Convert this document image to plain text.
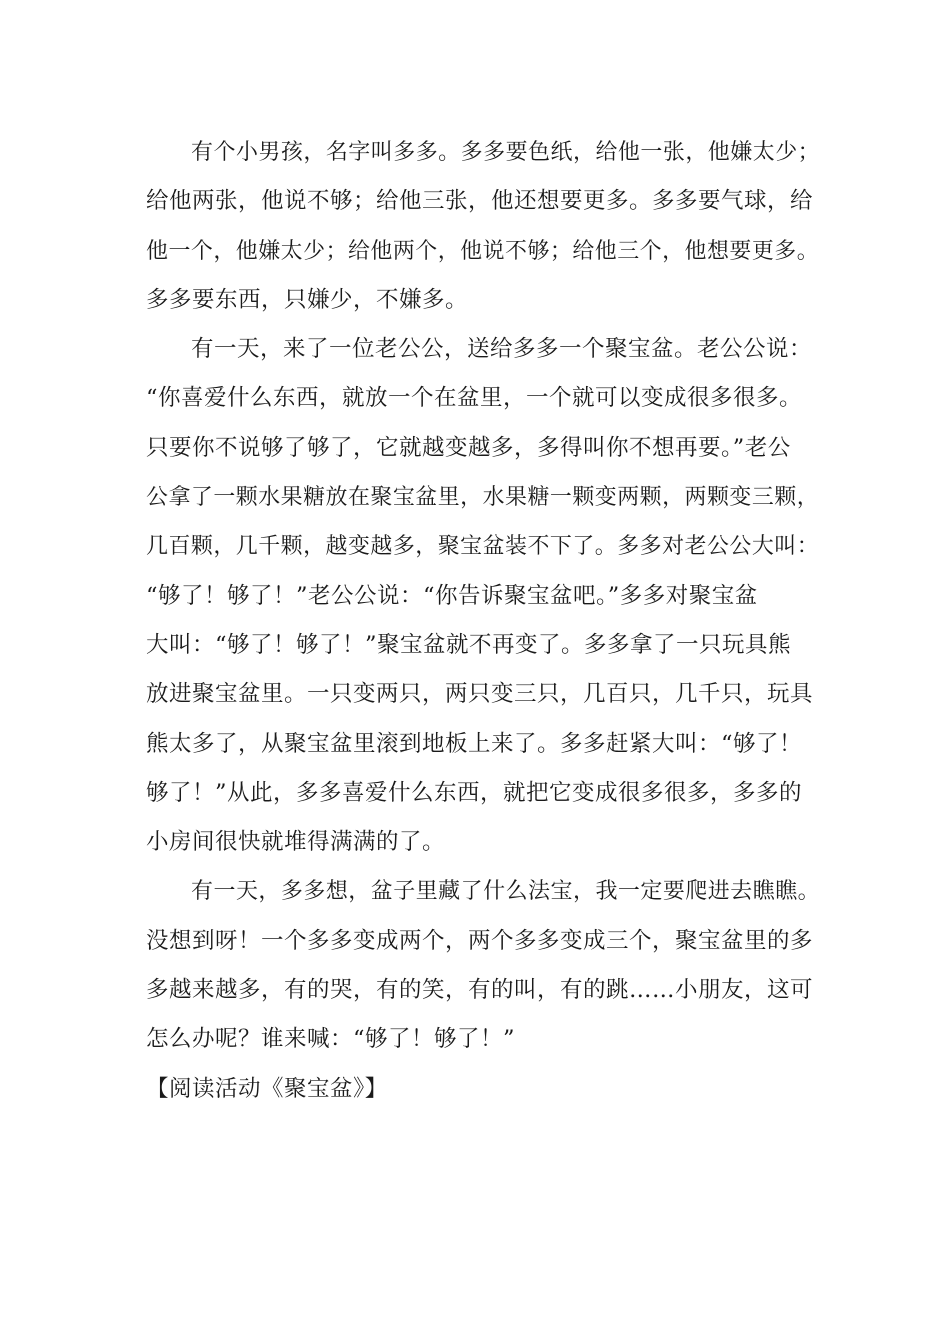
有个小男孩，名字叫多多。多多要色纸，给他一张，他嫌太少；
给他两张，他说不够；给他三张，他还想要更多。多多要气球，给
他一个，他嫌太少；给他两个，他说不够；给他三个，他想要更多。
多多要东西，只嫌少，不嫌多。
有一天，来了一位老公公，送给多多一个聚宝盆。老公公说：
“你喜爱什么东西，就放一个在盆里，一个就可以变成很多很多。
只要你不说够了够了，它就越变越多，多得叫你不想再要。”老公
公拿了一颗水果糖放在聚宝盆里，水果糖一颗变两颗，两颗变三颗，
几百颗，几千颗，越变越多，聚宝盆装不下了。多多对老公公大叫：
“够了！够了！”老公公说：“你告诉聚宝盆吧。”多多对聚宝盆
大叫：“够了！够了！”聚宝盆就不再变了。多多拿了一只玩具熊
放进聚宝盆里。一只变两只，两只变三只，几百只，几千只，玩具
熊太多了，从聚宝盆里滚到地板上来了。多多赶紧大叫：“够了！
够了！”从此，多多喜爱什么东西，就把它变成很多很多，多多的
小房间很快就堆得满满的了。
有一天，多多想，盆子里藏了什么法宝，我一定要爬进去瞧瞧。
没想到呀！一个多多变成两个，两个多多变成三个，聚宝盆里的多
多越来越多，有的哭，有的笑，有的叫，有的跳……小朋友，这可
怎么办呢？谁来喊：“够了！够了！”
【阅读活动《聚宝盆》】
